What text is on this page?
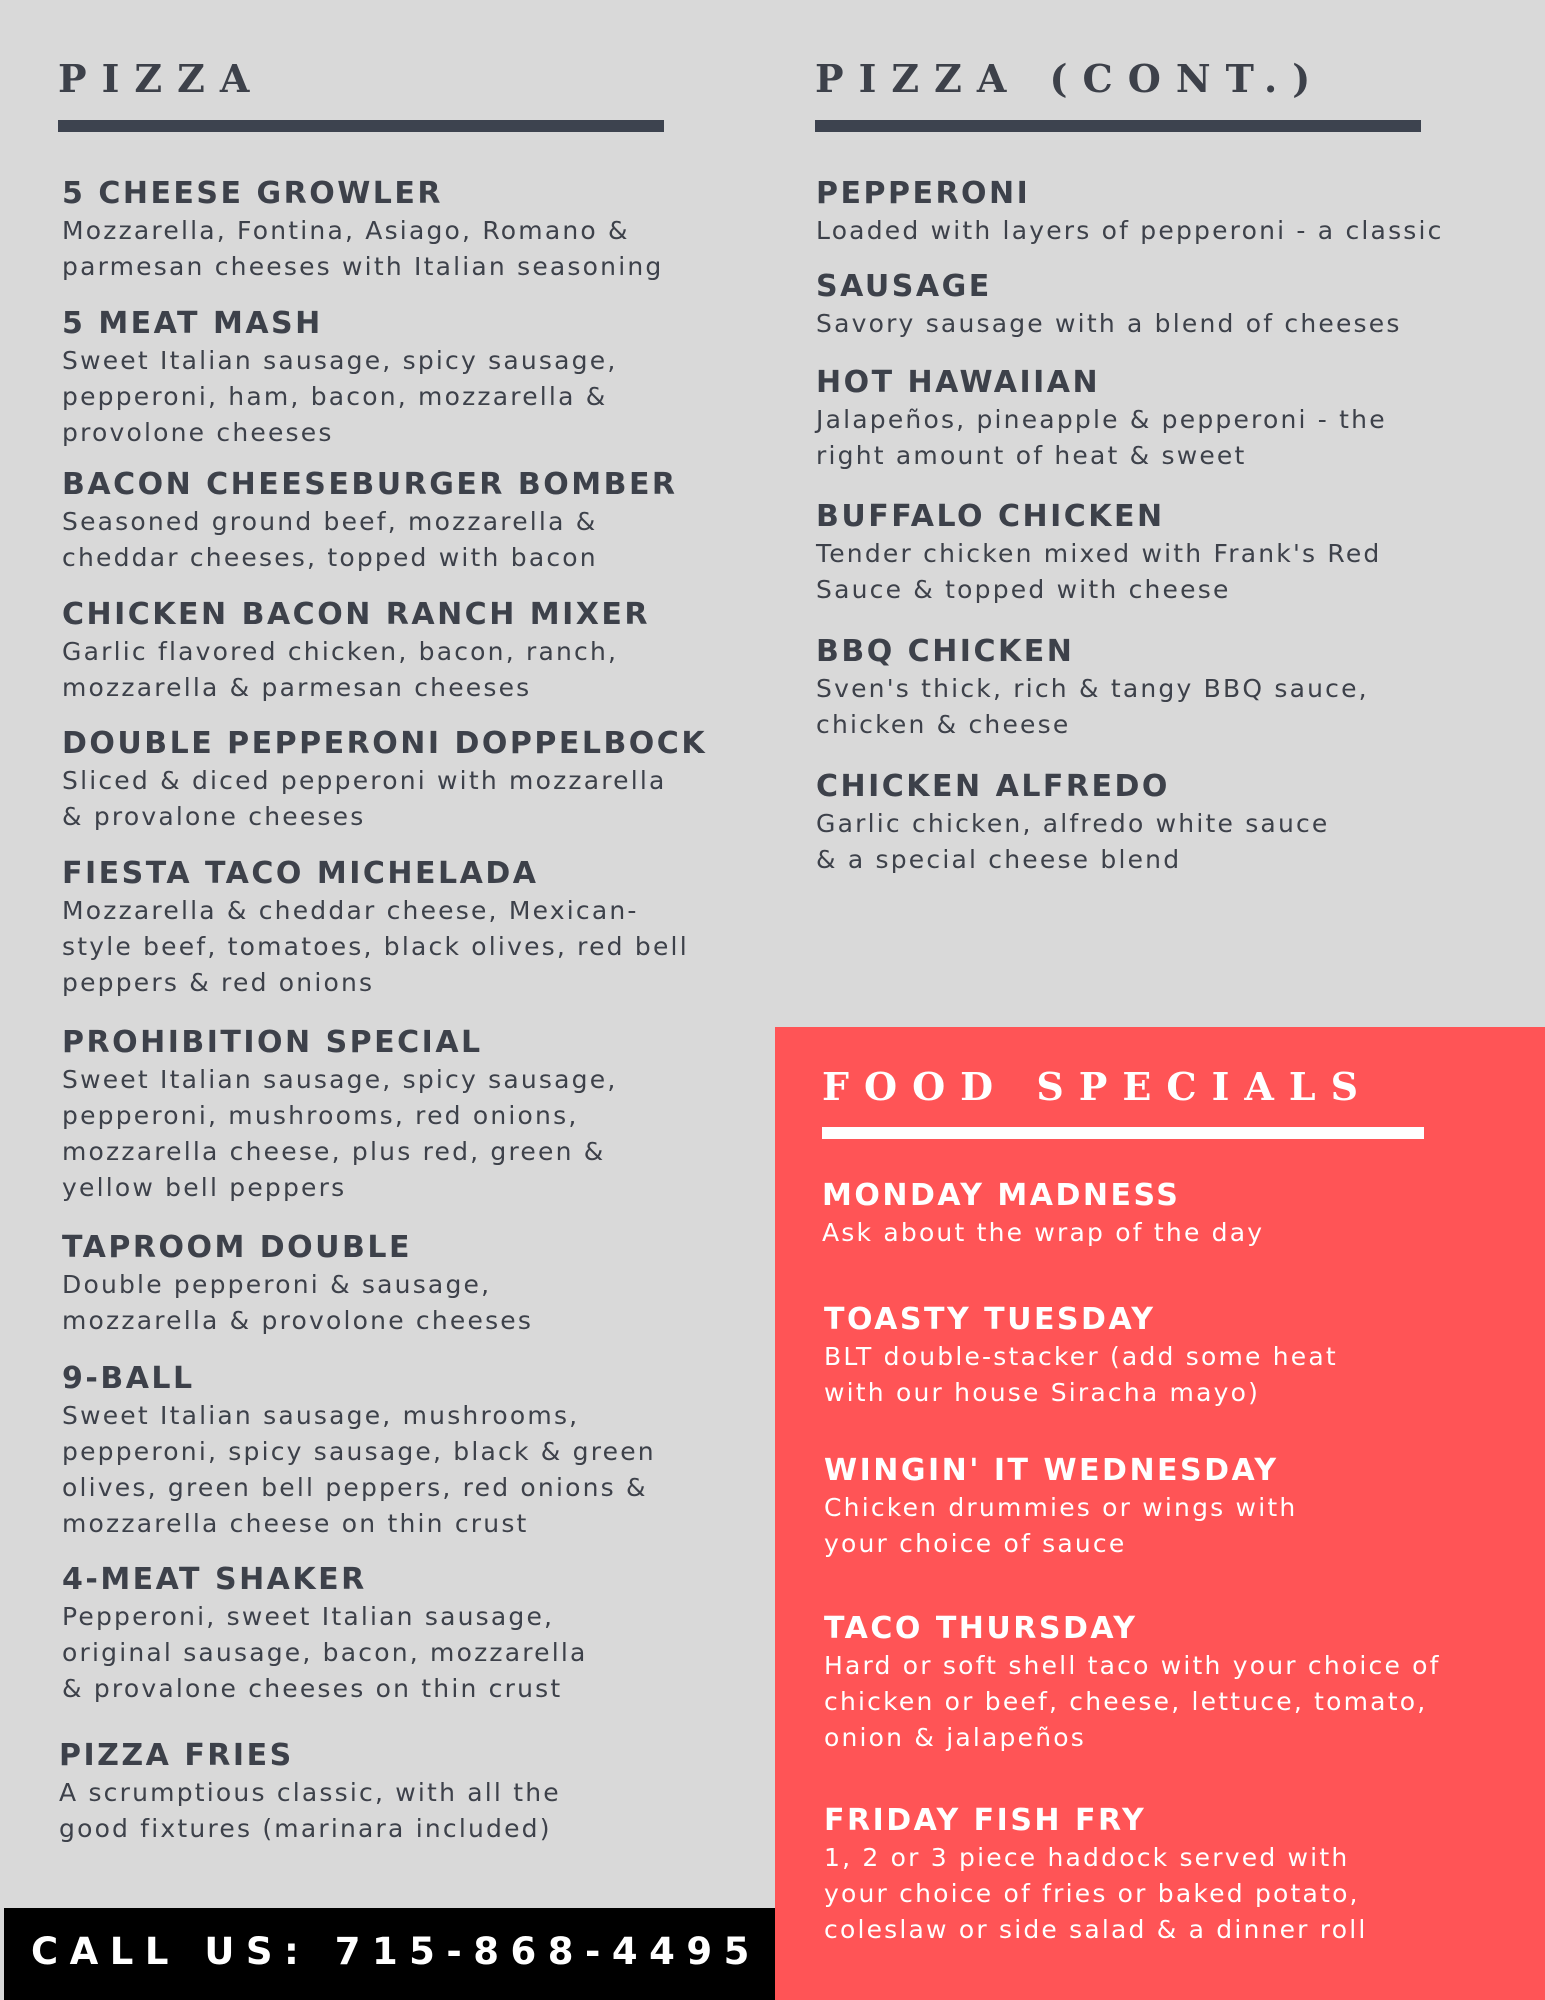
PIZZA
5 CHEESE GROWLER
Mozzarella, Fontina, Asiago, Romano &
parmesan cheeses with Italian seasoning
5 MEAT MASH
Sweet Italian sausage, spicy sausage,
pepperoni, ham, bacon, mozzarella &
provolone cheeses
BACON CHEESEBURGER BOMBER
Seasoned ground beef, mozzarella &
cheddar cheeses, topped with bacon
CHICKEN BACON RANCH MIXER
Garlic flavored chicken, bacon, ranch,
mozzarella & parmesan cheeses
DOUBLE PEPPERONI DOPPELBOCK
Sliced & diced pepperoni with mozzarella
& provalone cheeses
FIESTA TACO MICHELADA
Mozzarella & cheddar cheese, Mexican-
style beef, tomatoes, black olives, red bell
peppers & red onions
PROHIBITION SPECIAL
Sweet Italian sausage, spicy sausage,
pepperoni, mushrooms, red onions,
mozzarella cheese, plus red, green &
yellow bell peppers
TAPROOM DOUBLE
Double pepperoni & sausage,
mozzarella & provolone cheeses
9-BALL
Sweet Italian sausage, mushrooms,
pepperoni, spicy sausage, black & green
olives, green bell peppers, red onions &
mozzarella cheese on thin crust
4-MEAT SHAKER
Pepperoni, sweet Italian sausage,
original sausage, bacon, mozzarella
& provalone cheeses on thin crust
PIZZA FRIES
A scrumptious classic, with all the
good fixtures (marinara included)
PIZZA (CONT.)
PEPPERONI
Loaded with layers of pepperoni - a classic
SAUSAGE
Savory sausage with a blend of cheeses
HOT HAWAIIAN
Jalapeños, pineapple & pepperoni - the
right amount of heat & sweet
BUFFALO CHICKEN
Tender chicken mixed with Frank's Red
Sauce & topped with cheese
BBQ CHICKEN
Sven's thick, rich & tangy BBQ sauce,
chicken & cheese
CHICKEN ALFREDO
Garlic chicken, alfredo white sauce
& a special cheese blend
FOOD SPECIALS
MONDAY MADNESS
Ask about the wrap of the day
TOASTY TUESDAY
BLT double-stacker (add some heat
with our house Siracha mayo)
WINGIN' IT WEDNESDAY
Chicken drummies or wings with
your choice of sauce
TACO THURSDAY
Hard or soft shell taco with your choice of
chicken or beef, cheese, lettuce, tomato,
onion & jalapeños
FRIDAY FISH FRY
1, 2 or 3 piece haddock served with
your choice of fries or baked potato,
coleslaw or side salad & a dinner roll
CALL US: 715-868-4495
